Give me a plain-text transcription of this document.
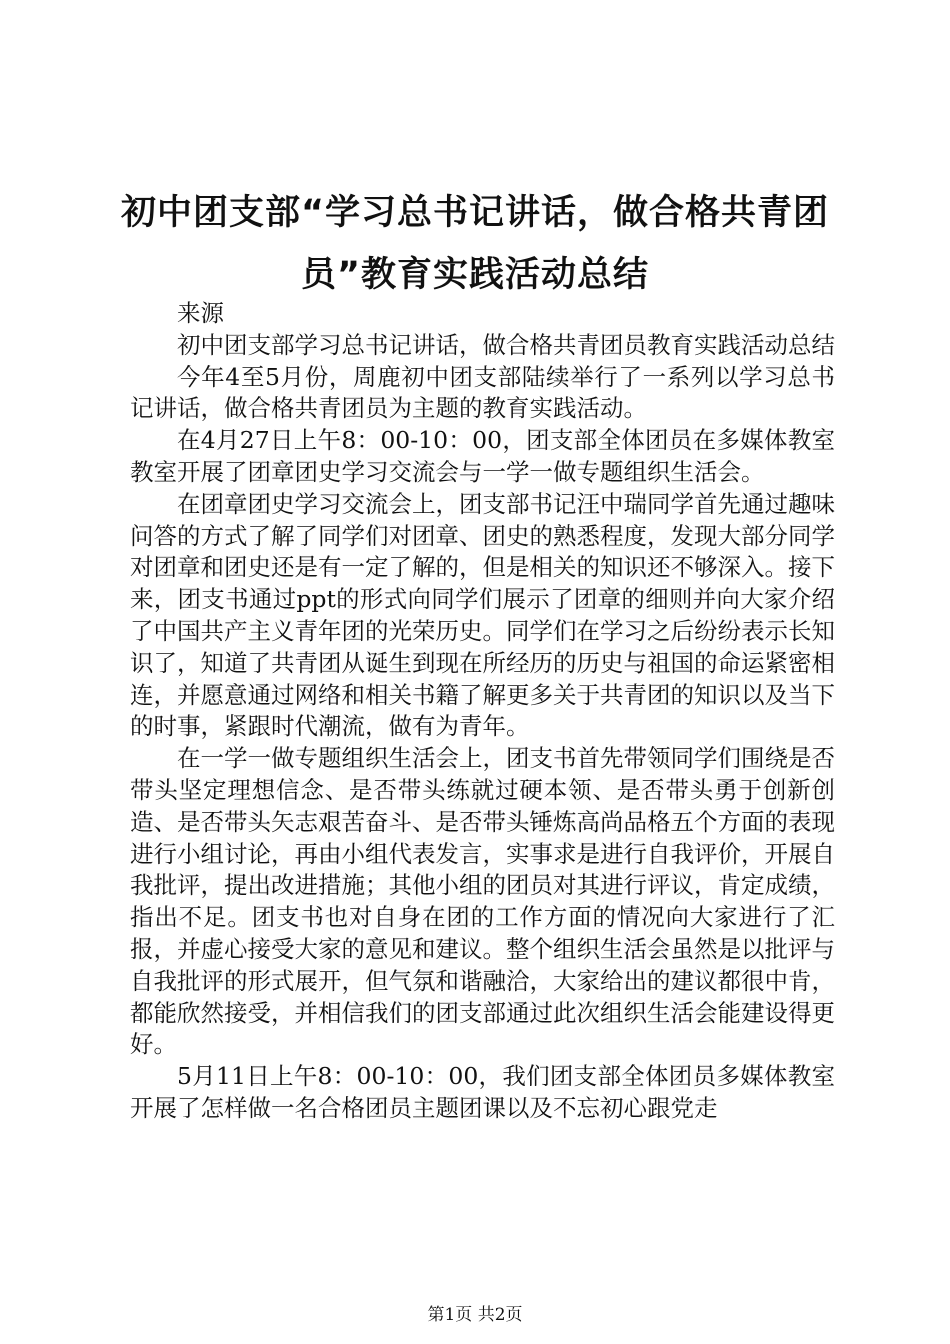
初中团支部“学习总书记讲话，做合格共青团员”教育实践活动总结

来源

初中团支部学习总书记讲话，做合格共青团员教育实践活动总结

今年4至5月份，周鹿初中团支部陆续举行了一系列以学习总书记讲话，做合格共青团员为主题的教育实践活动。

在4月27日上午8：00-10：00，团支部全体团员在多媒体教室教室开展了团章团史学习交流会与一学一做专题组织生活会。

在团章团史学习交流会上，团支部书记汪中瑞同学首先通过趣味问答的方式了解了同学们对团章、团史的熟悉程度，发现大部分同学对团章和团史还是有一定了解的，但是相关的知识还不够深入。接下来，团支书通过ppt的形式向同学们展示了团章的细则并向大家介绍了中国共产主义青年团的光荣历史。同学们在学习之后纷纷表示长知识了，知道了共青团从诞生到现在所经历的历史与祖国的命运紧密相连，并愿意通过网络和相关书籍了解更多关于共青团的知识以及当下的时事，紧跟时代潮流，做有为青年。

在一学一做专题组织生活会上，团支书首先带领同学们围绕是否带头坚定理想信念、是否带头练就过硬本领、是否带头勇于创新创造、是否带头矢志艰苦奋斗、是否带头锤炼高尚品格五个方面的表现进行小组讨论，再由小组代表发言，实事求是进行自我评价，开展自我批评，提出改进措施；其他小组的团员对其进行评议，肯定成绩，指出不足。团支书也对自身在团的工作方面的情况向大家进行了汇报，并虚心接受大家的意见和建议。整个组织生活会虽然是以批评与自我批评的形式展开，但气氛和谐融洽，大家给出的建议都很中肯，都能欣然接受，并相信我们的团支部通过此次组织生活会能建设得更好。

5月11日上午8：00-10：00，我们团支部全体团员多媒体教室开展了怎样做一名合格团员主题团课以及不忘初心跟党走

第1页 共2页
